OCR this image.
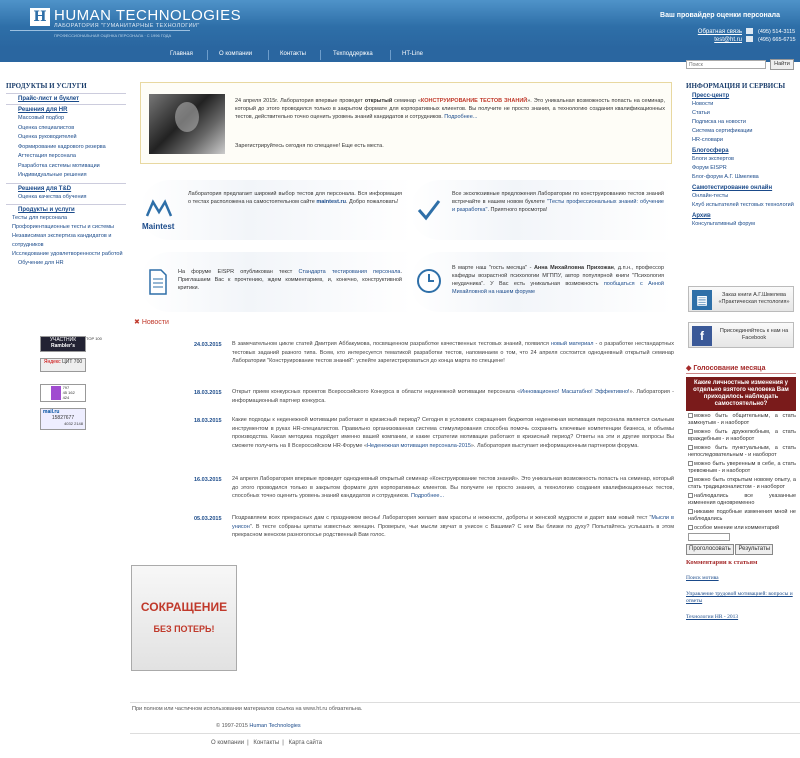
H HUMAN TECHNOLOGIES
ЛАБОРАТОРИЯ "ГУМАНИТАРНЫЕ ТЕХНОЛОГИИ"
ПРОФЕССИОНАЛЬНАЯ ОЦЕНКА ПЕРСОНАЛА · С 1996 ГОДА
Ваш провайдер оценки персонала
Обратная связь
test@ht.ru
(495) 514-3115
(495) 665-6715
Главная	О компании	Контакты	Техподдержка	HT-Line
Поиск
Найти
ПРОДУКТЫ И УСЛУГИ
Прайс-лист и буклет
Решения для HR
Массовый подбор
Оценка специалистов
Оценка руководителей
Формирование кадрового резерва
Аттестация персонала
Разработка системы мотивации
Индивидуальные решения
Решения для T&D
Оценка качества обучения
Продукты и услуги
Тесты для персонала
Профориентационные тесты и системы
Независимая экспертиза кандидатов и сотрудников
Исследование удовлетворенности работой
Обучение для HR
УЧАСТНИК
Rambler's
TOP 100
Яндекс ЦИТ 700

797
45 162
424
mail.ru
15827677
4032 2148
24 апреля 2015г. Лаборатория впервые проведет открытый семинар «КОНСТРУИРОВАНИЕ ТЕСТОВ ЗНАНИЙ». Это уникальная возможность попасть на семинар, который до этого проводился только в закрытом формате для корпоративных клиентов. Вы получите не просто знания, а технологию создания квалификационных тестов, действительно точно оценить уровень знаний кандидатов и сотрудников. Подробнее...
Зарегистрируйтесь сегодня по спеццене! Еще есть места.
Maintest
Лаборатория предлагает широкий выбор тестов для персонала. Вся информация о тестах расположена на самостоятельном сайте maintest.ru. Добро пожаловать!
Все эксклюзивные предложения Лаборатории по конструированию тестов знаний встречайте в нашем новом буклете "Тесты профессиональных знаний: обучение и разработка". Приятного просмотра!
На форуме EISPR опубликован текст Стандарта тестирования персонала. Приглашаем Вас к прочтению, ждем комментариев, и, конечно, конструктивной критики.
В марте наш "гость месяца" - Анна Михайловна Прихожан, д.п.н., профессор кафедры возрастной психологии МГППУ, автор популярной книги "Психология неудачника". У Вас есть уникальная возможность пообщаться с Анной Михайловной на нашем форуме
✖ Новости
24.03.2015 В замечательном цикле статей Дмитрия Аббакумова, посвященном разработке качественных тестовых знаний, появился новый материал - о разработке нестандартных тестовых заданий разного типа. Всем, кто интересуется тематикой разработки тестов, напоминаем о том, что 24 апреля состоится однодневный открытый семинар Лаборатории "Конструирование тестов знаний": успейте зарегистрироваться до конца марта по спеццене!
18.03.2015 Открыт прием конкурсных проектов Всероссийского Конкурса в области неденежной мотивации персонала «Инновационно! Масштабно! Эффективно!». Лаборатория - информационный партнер конкурса.
18.03.2015 Какие подходы к неденежной мотивации работают в кризисный период? Сегодня в условиях сокращения бюджетов неденежная мотивация персонала является сильным инструментом в руках HR-специалистов. Правильно организованная система стимулирования способна помочь сохранить ключевые компетенции бизнеса, и объемы производства. Какая методика подойдет именно вашей компании, и какие стратегии мотивации работают в кризисный период? Ответы на эти и другие вопросы Вы сможете получить на II Всероссийском HR-Форуме «Неденежная мотивация персонала-2015». Лаборатория выступает информационным партнером форума.
16.03.2015 24 апреля Лаборатория впервые проведет однодневный открытый семинар «Конструирование тестов знаний». Это уникальная возможность попасть на семинар, который до этого проводился только в закрытом формате для корпоративных клиентов. Вы получите не просто знания, а технологию создания квалификационных тестов, способных точно оценить уровень знаний кандидатов и сотрудников. Подробнее...
05.03.2015 Поздравляем всех прекрасных дам с праздником весны! Лаборатория желает вам красоты и нежности, доброты и женской мудрости и дарит вам новый тест "Мысли в унисон". В тесте собраны цитаты известных женщин. Проверьте, чьи мысли звучат в унисон с Вашими? С кем Вы близки по духу? Попытайтесь услышать в этом прекрасном женском разноголосье родственный Вам голос.
СОКРАЩЕНИЕ
БЕЗ ПОТЕРЬ!
ИНФОРМАЦИЯ И СЕРВИСЫ
Пресс-центр
Новости
Статьи
Подписка на новости
Система сертификации
HR-словари
Блогосфера
Блоги экспертов
Форум EISPR
Блог-форум А.Г. Шмелева
Самотестирование онлайн
Онлайн-тесты
Клуб испытателей тестовых технологий
Архив
Консультативный форум
▤	Заказ книги А.Г.Шмелева «Практическая тестология»
f	Присоединяйтесь к нам на Facebook
◆ Голосование месяца
Какие личностные изменения у отдельно взятого человека Вам приходилось наблюдать самостоятельно?
можно быть общительным, а стать замкнутым - и наоборот
можно быть дружелюбным, а стать враждебным - и наоборот
можно быть пунктуальным, а стать непоследовательным - и наоборот
можно быть уверенным в себе, а стать тревожным - и наоборот
можно быть открытым новому опыту, а стать традиционалистом - и наоборот
наблюдались все указанные изменения одновременно
никакие подобные изменения мной не наблюдались
особое мнение или комментарий
Проголосовать Результаты
Комментарии к статьям
Поиск мотива
Управление трудовой мотивацией: вопросы и ответы
Технологии HR - 2013
При полном или частичном использовании материалов ссылка на www.ht.ru обязательна.
© 1997-2015 Human Technologies
О компании | Контакты | Карта сайта
